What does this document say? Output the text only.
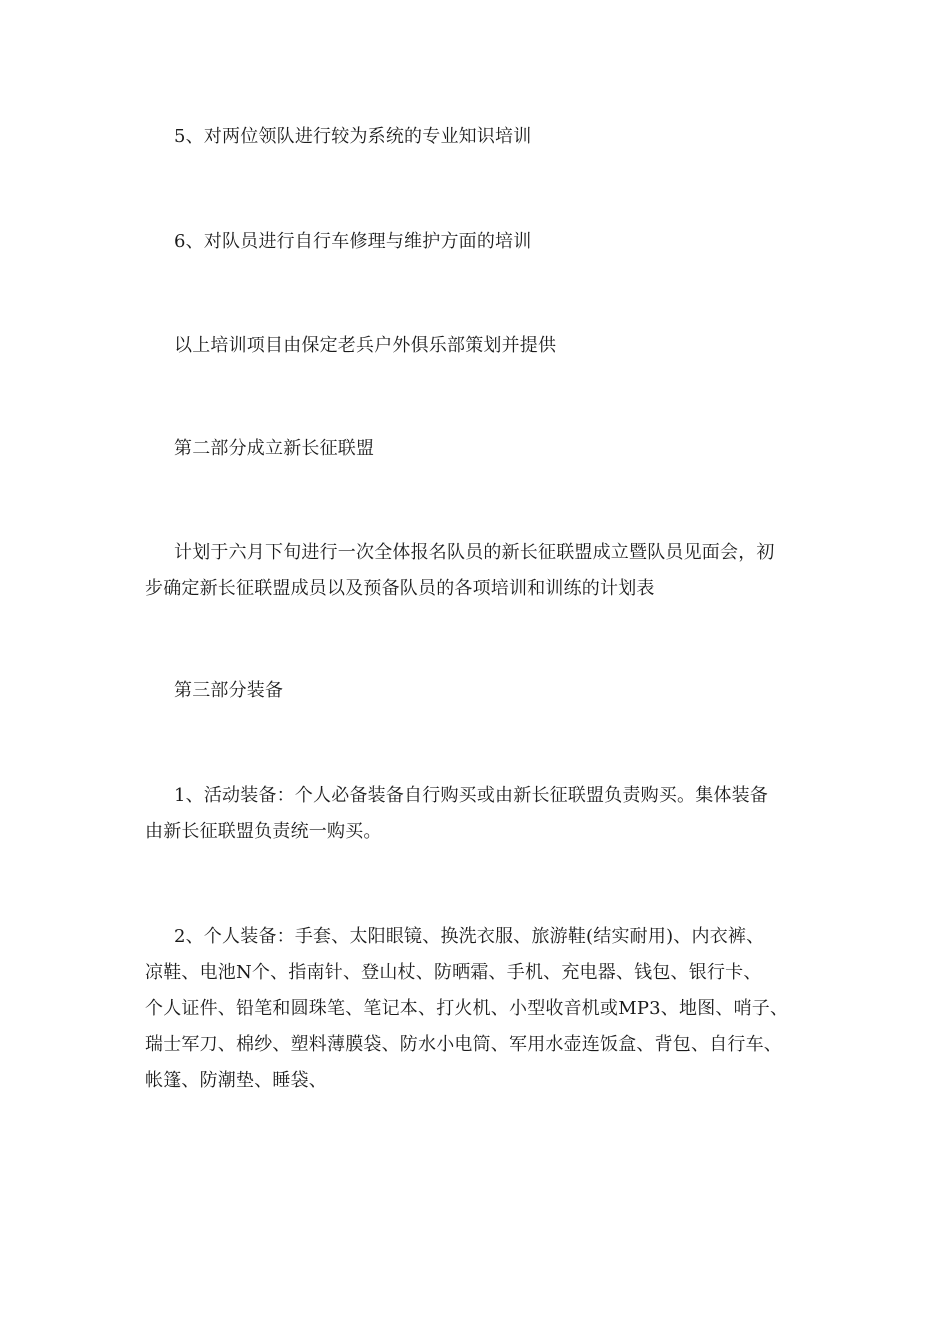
5、对两位领队进行较为系统的专业知识培训

6、对队员进行自行车修理与维护方面的培训

以上培训项目由保定老兵户外俱乐部策划并提供

第二部分成立新长征联盟

计划于六月下旬进行一次全体报名队员的新长征联盟成立暨队员见面会，初
步确定新长征联盟成员以及预备队员的各项培训和训练的计划表

第三部分装备

1、活动装备：个人必备装备自行购买或由新长征联盟负责购买。集体装备
由新长征联盟负责统一购买。

2、个人装备：手套、太阳眼镜、换洗衣服、旅游鞋(结实耐用)、内衣裤、
凉鞋、电池N个、指南针、登山杖、防晒霜、手机、充电器、钱包、银行卡、
个人证件、铅笔和圆珠笔、笔记本、打火机、小型收音机或MP3、地图、哨子、
瑞士军刀、棉纱、塑料薄膜袋、防水小电筒、军用水壶连饭盒、背包、自行车、
帐篷、防潮垫、睡袋、
